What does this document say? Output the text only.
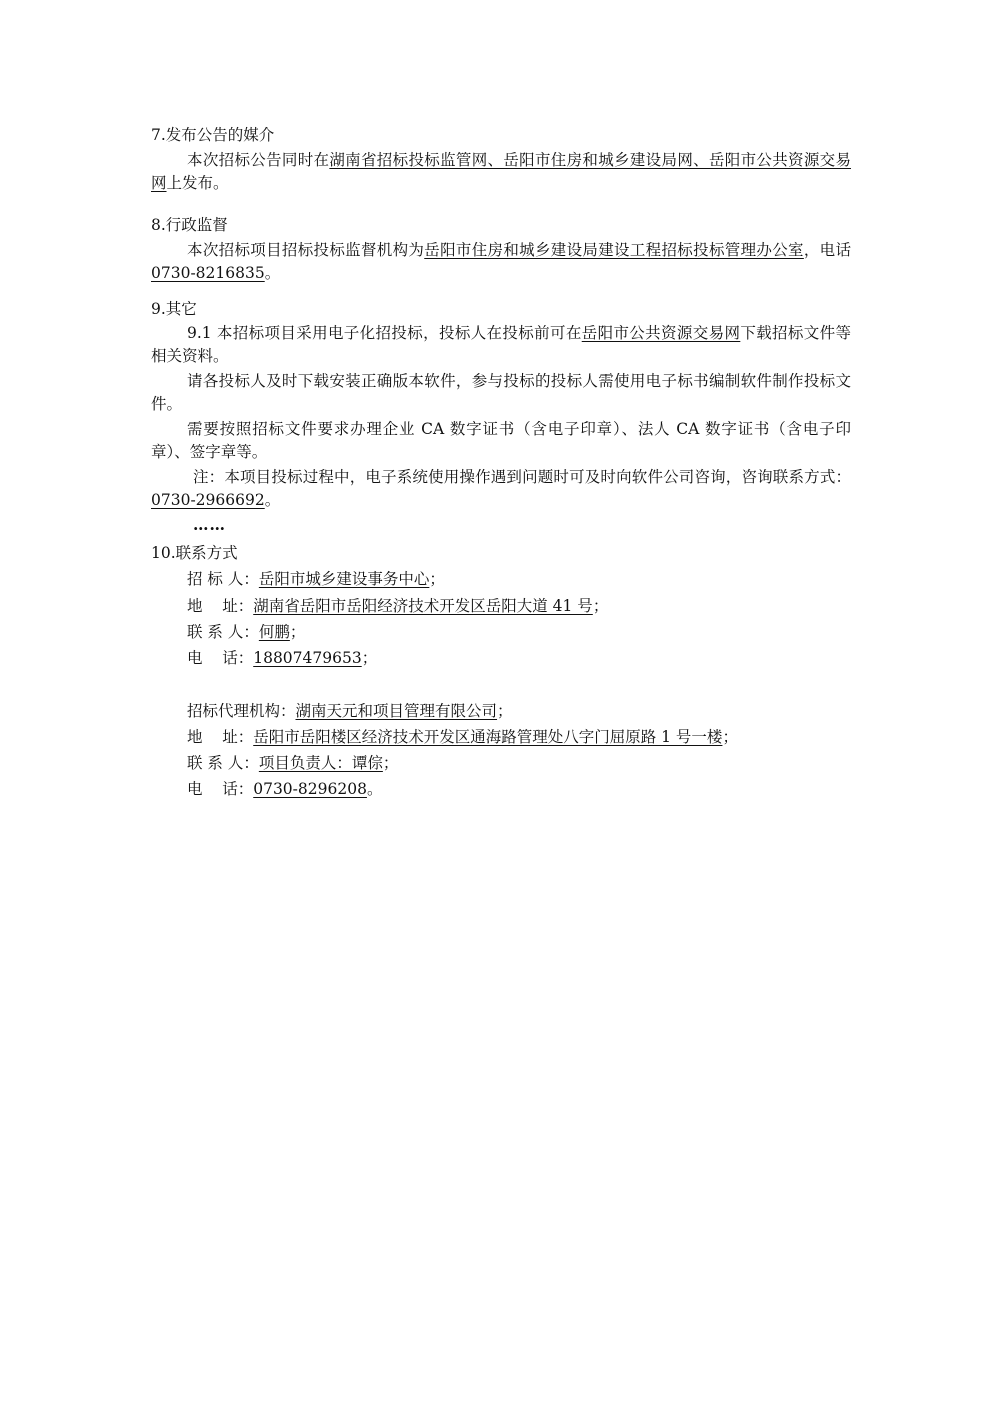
7.发布公告的媒介

本次招标公告同时在湖南省招标投标监管网、岳阳市住房和城乡建设局网、岳阳市公共资源交易网上发布。

8.行政监督

本次招标项目招标投标监督机构为岳阳市住房和城乡建设局建设工程招标投标管理办公室，电话 0730-8216835。

9.其它

9.1 本招标项目采用电子化招投标，投标人在投标前可在岳阳市公共资源交易网下载招标文件等相关资料。

请各投标人及时下载安装正确版本软件，参与投标的投标人需使用电子标书编制软件制作投标文件。

需要按照招标文件要求办理企业 CA 数字证书（含电子印章）、法人 CA 数字证书（含电子印章）、签字章等。

注：本项目投标过程中，电子系统使用操作遇到问题时可及时向软件公司咨询，咨询联系方式：0730-2966692。

……

10.联系方式
招 标 人：岳阳市城乡建设事务中心；
地    址：湖南省岳阳市岳阳经济技术开发区岳阳大道 41 号；
联 系 人：何鹏；
电    话：18807479653；
招标代理机构：湖南天元和项目管理有限公司；
地    址：岳阳市岳阳楼区经济技术开发区通海路管理处八字门屈原路 1 号一楼；
联 系 人：项目负责人：谭倧；
电    话：0730-8296208。
